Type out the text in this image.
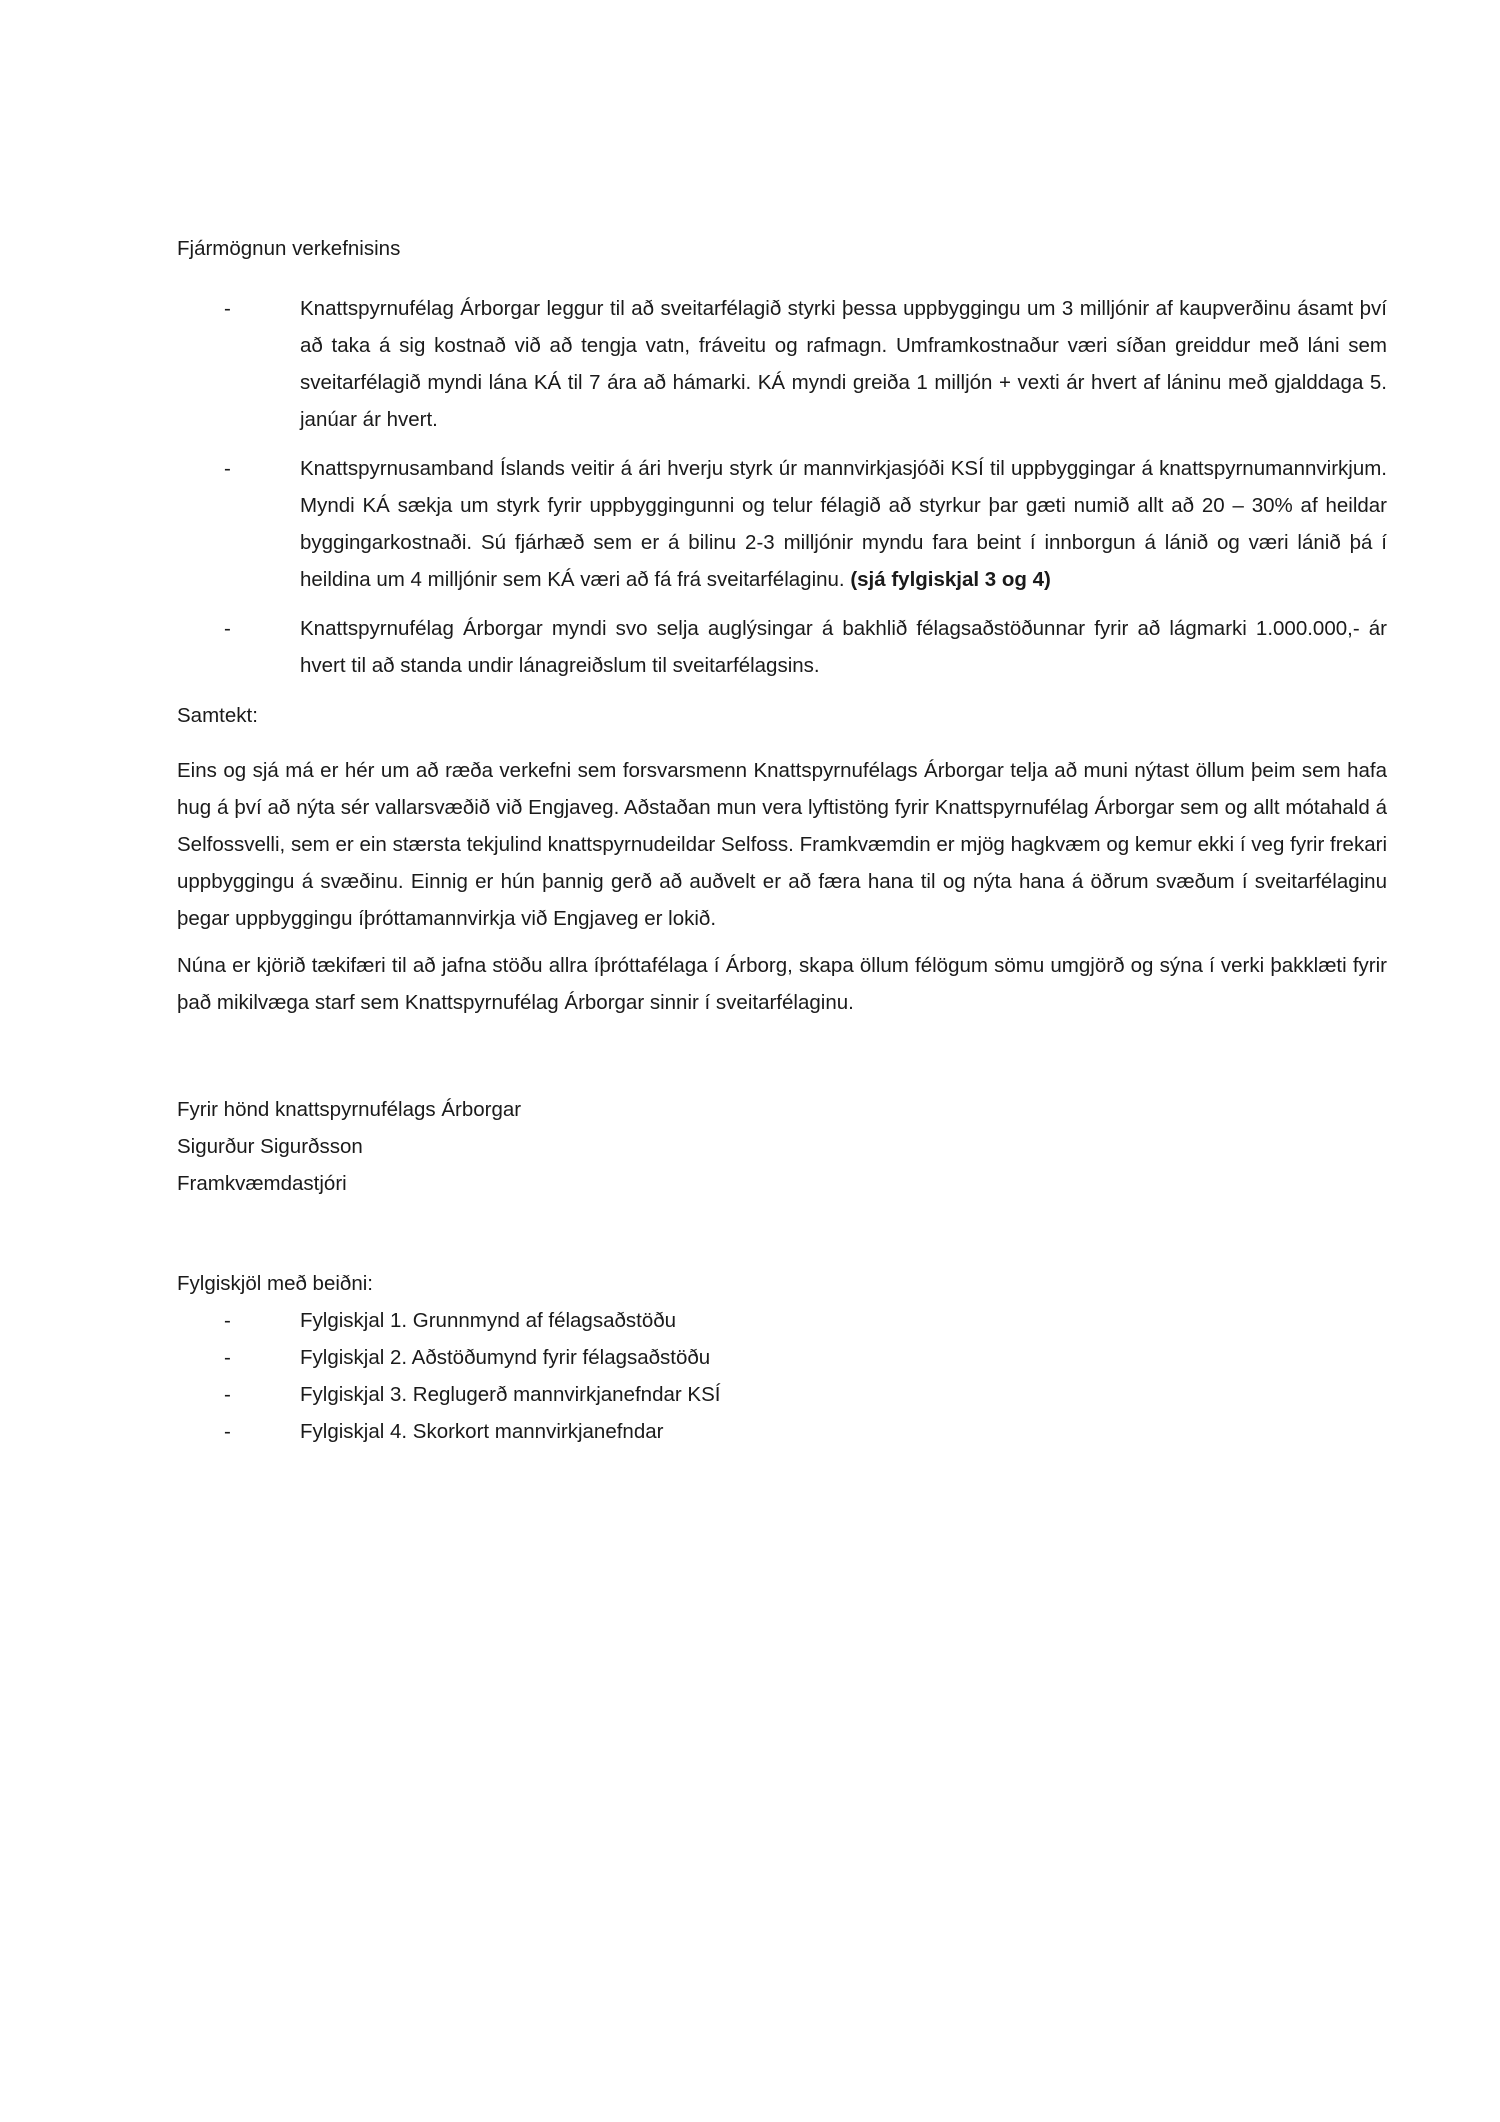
Fjármögnun verkefnisins
-	Knattspyrnufélag Árborgar leggur til að sveitarfélagið styrki þessa uppbyggingu um 3 milljónir af kaupverðinu ásamt því að taka á sig kostnað við að tengja vatn, fráveitu og rafmagn. Umframkostnaður væri síðan greiddur með láni sem sveitarfélagið myndi lána KÁ til 7 ára að hámarki. KÁ myndi greiða 1 milljón + vexti ár hvert af láninu með gjalddaga 5. janúar ár hvert.
-	Knattspyrnusamband Íslands veitir á ári hverju styrk úr mannvirkjasjóði KSÍ til uppbyggingar á knattspyrnumannvirkjum. Myndi KÁ sækja um styrk fyrir uppbyggingunni og telur félagið að styrkur þar gæti numið allt að 20 – 30% af heildar byggingarkostnaði. Sú fjárhæð sem er á bilinu 2-3 milljónir myndu fara beint í innborgun á lánið og væri lánið þá í heildina um 4 milljónir sem KÁ væri að fá frá sveitarfélaginu. (sjá fylgiskjal 3 og 4)
-	Knattspyrnufélag Árborgar myndi svo selja auglýsingar á bakhlið félagsaðstöðunnar fyrir að lágmarki 1.000.000,- ár hvert til að standa undir lánagreiðslum til sveitarfélagsins.
Samtekt:

Eins og sjá má er hér um að ræða verkefni sem forsvarsmenn Knattspyrnufélags Árborgar telja að muni nýtast öllum þeim sem hafa hug á því að nýta sér vallarsvæðið við Engjaveg. Aðstaðan mun vera lyftistöng fyrir Knattspyrnufélag Árborgar sem og allt mótahald á Selfossvelli, sem er ein stærsta tekjulind knattspyrnudeildar Selfoss. Framkvæmdin er mjög hagkvæm og kemur ekki í veg fyrir frekari uppbyggingu á svæðinu. Einnig er hún þannig gerð að auðvelt er að færa hana til og nýta hana á öðrum svæðum í sveitarfélaginu þegar uppbyggingu íþróttamannvirkja við Engjaveg er lokið.

Núna er kjörið tækifæri til að jafna stöðu allra íþróttafélaga í Árborg, skapa öllum félögum sömu umgjörð og sýna í verki þakklæti fyrir það mikilvæga starf sem Knattspyrnufélag Árborgar sinnir í sveitarfélaginu.

Fyrir hönd knattspyrnufélags Árborgar

Sigurður Sigurðsson

Framkvæmdastjóri

Fylgiskjöl með beiðni:
-	Fylgiskjal 1. Grunnmynd af félagsaðstöðu
-	Fylgiskjal 2. Aðstöðumynd fyrir félagsaðstöðu
-	Fylgiskjal 3. Reglugerð mannvirkjanefndar KSÍ
-	Fylgiskjal 4. Skorkort mannvirkjanefndar
